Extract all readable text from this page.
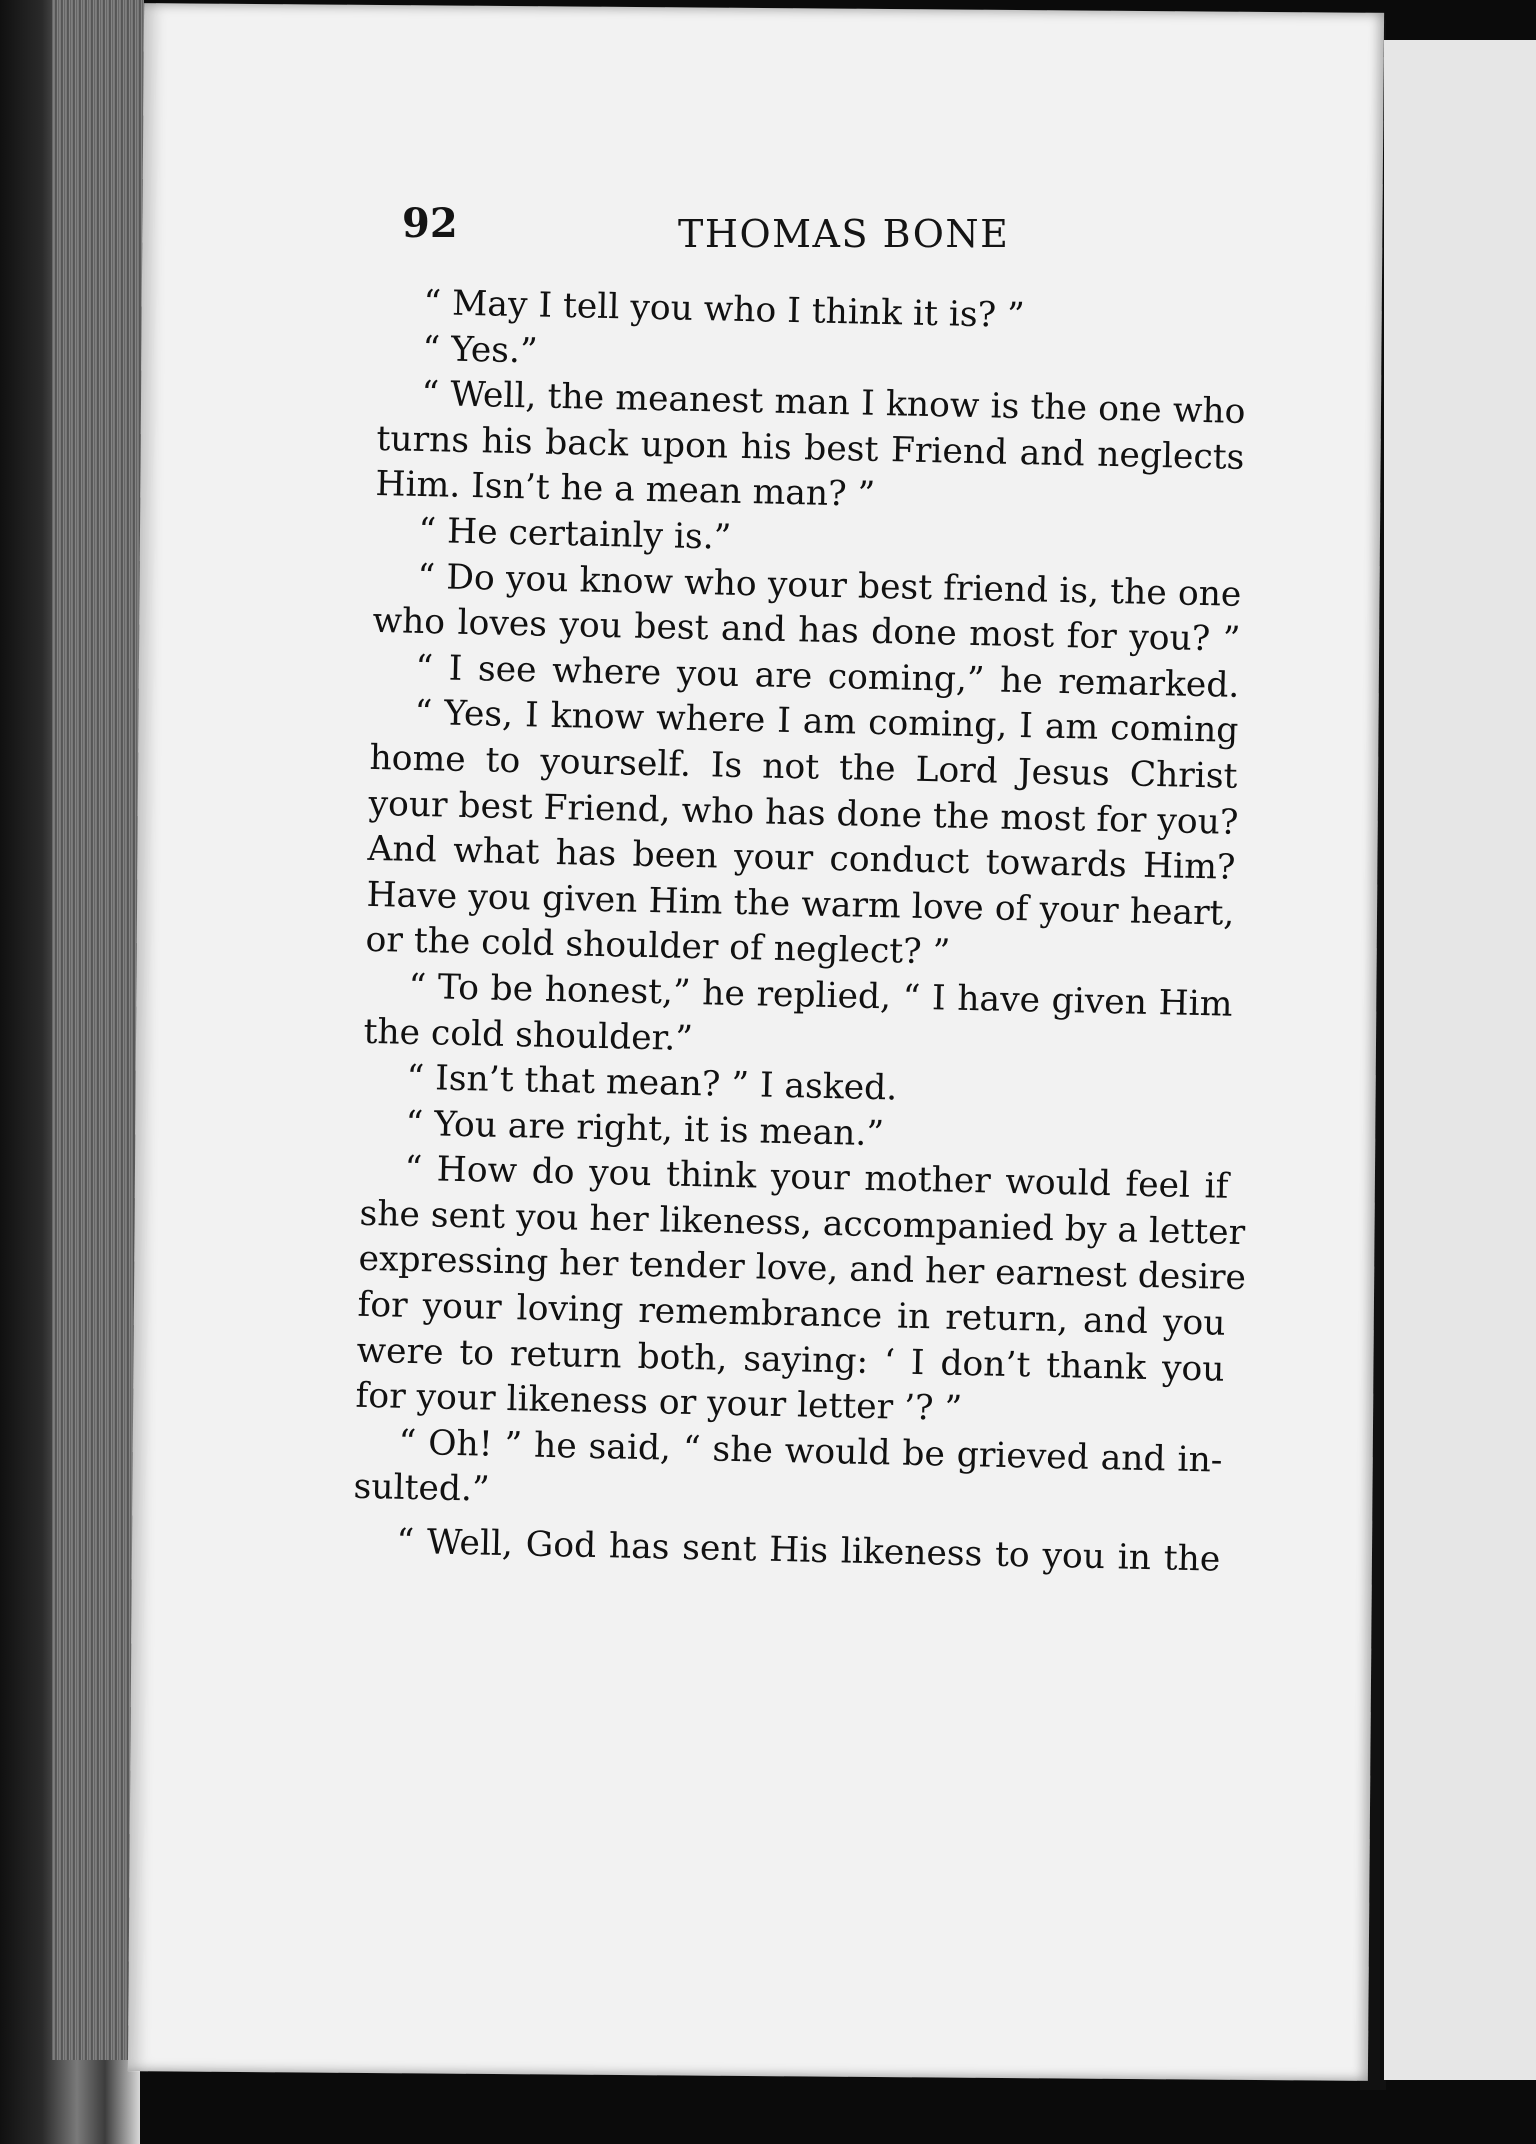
92	THOMAS BONE
“ May I tell you who I think it is? ”
“ Yes.”
“ Well, the meanest man I know is the one who
turns his back upon his best Friend and neglects
Him. Isn’t he a mean man? ”
“ He certainly is.”
“ Do you know who your best friend is, the one
who loves you best and has done most for you? ”
“ I see where you are coming,” he remarked.
“ Yes, I know where I am coming, I am coming
home to yourself. Is not the Lord Jesus Christ
your best Friend, who has done the most for you?
And what has been your conduct towards Him?
Have you given Him the warm love of your heart,
or the cold shoulder of neglect? ”
“ To be honest,” he replied, “ I have given Him
the cold shoulder.”
“ Isn’t that mean? ” I asked.
“ You are right, it is mean.”
“ How do you think your mother would feel if
she sent you her likeness, accompanied by a letter
expressing her tender love, and her earnest desire
for your loving remembrance in return, and you
were to return both, saying: ‘ I don’t thank you
for your likeness or your letter ’? ”
“ Oh! ” he said, “ she would be grieved and in-
sulted.”
“ Well, God has sent His likeness to you in the
